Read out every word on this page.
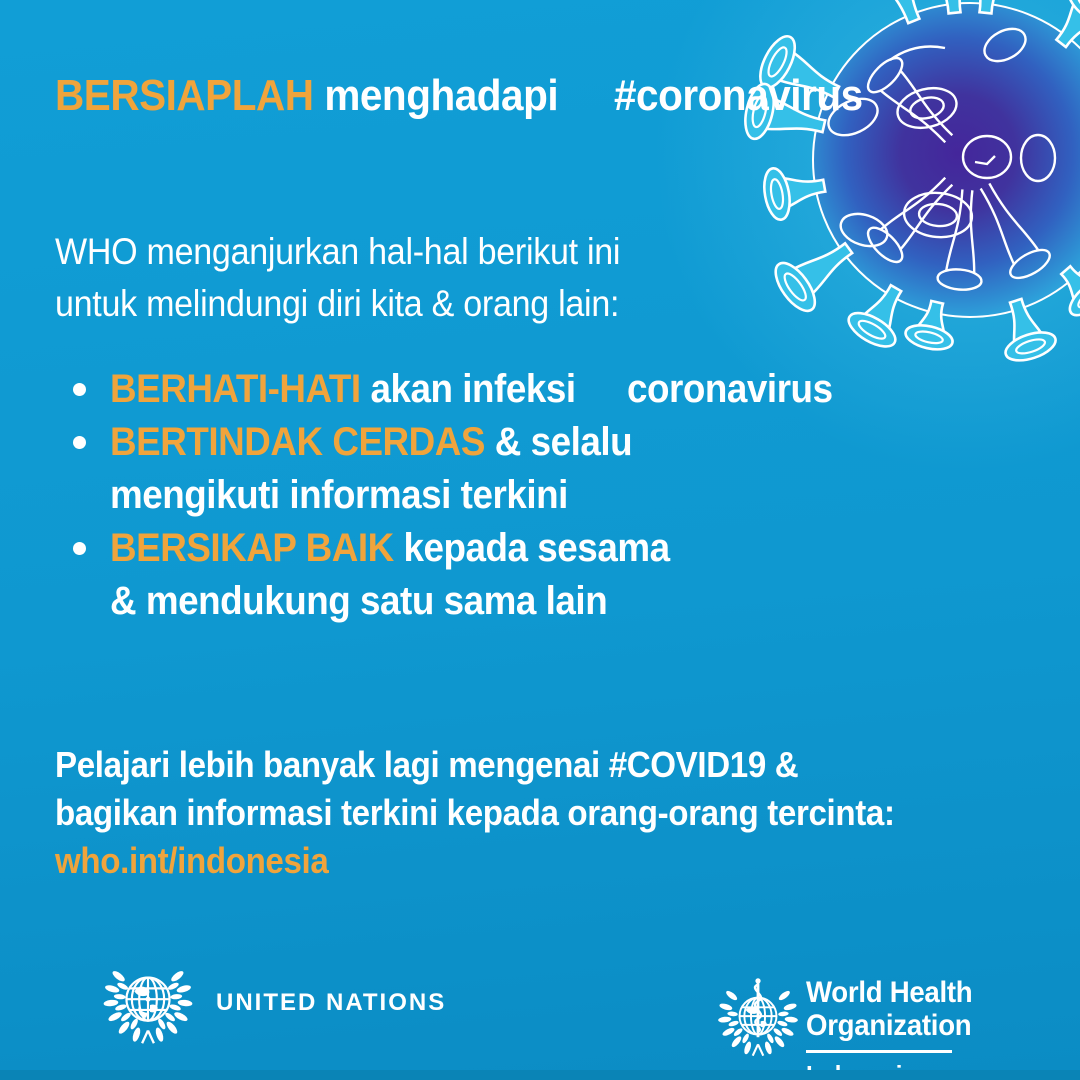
BERSIAPLAH menghadapi #coronavirus
WHO menganjurkan hal-hal berikut ini untuk melindungi diri kita & orang lain:
BERHATI-HATI akan infeksi coronavirus
BERTINDAK CERDAS & selalu mengikuti informasi terkini
BERSIKAP BAIK kepada sesama & mendukung satu sama lain
Pelajari lebih banyak lagi mengenai #COVID19 & bagikan informasi terkini kepada orang-orang tercinta: who.int/indonesia
UNITED NATIONS	World Health Organization
